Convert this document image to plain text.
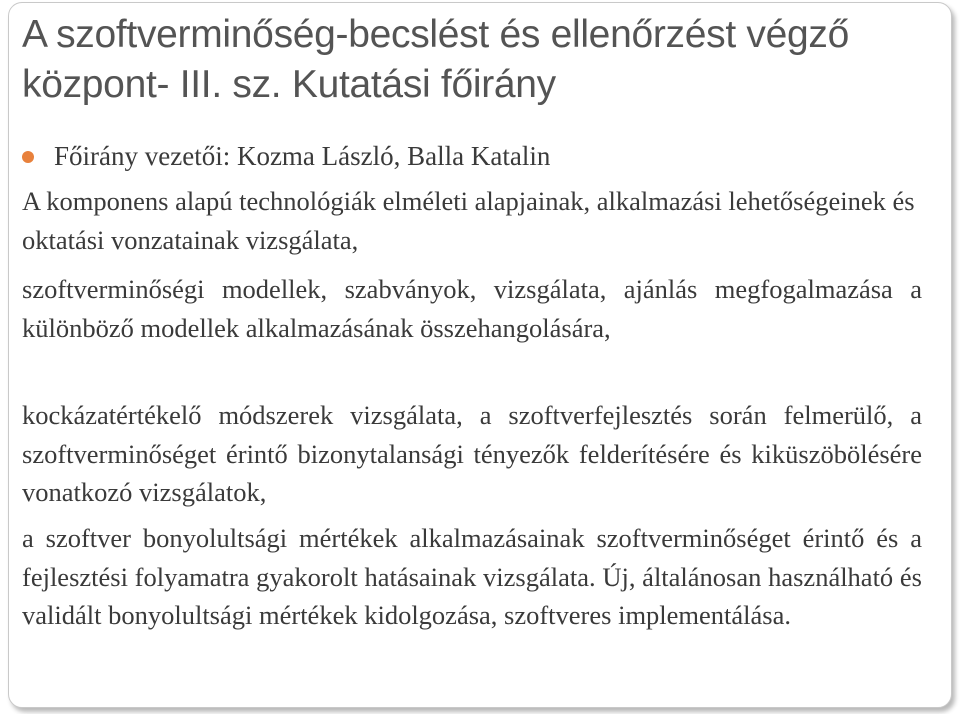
A szoftverminőség-becslést és ellenőrzést végző központ- III. sz. Kutatási főirány
Főirány vezetői: Kozma László, Balla Katalin

A komponens alapú technológiák elméleti alapjainak, alkalmazási lehetőségeinek és oktatási vonzatainak vizsgálata,

szoftverminőségi modellek, szabványok, vizsgálata, ajánlás megfogalmazása a különböző modellek alkalmazásának összehangolására,

kockázatértékelő módszerek vizsgálata, a szoftverfejlesztés során felmerülő, a szoftverminőséget érintő bizonytalansági tényezők felderítésére és kiküszöbölésére vonatkozó vizsgálatok,

a szoftver bonyolultsági mértékek alkalmazásainak szoftverminőséget érintő és a fejlesztési folyamatra gyakorolt hatásainak vizsgálata. Új, általánosan használható és validált bonyolultsági mértékek kidolgozása, szoftveres implementálása.
